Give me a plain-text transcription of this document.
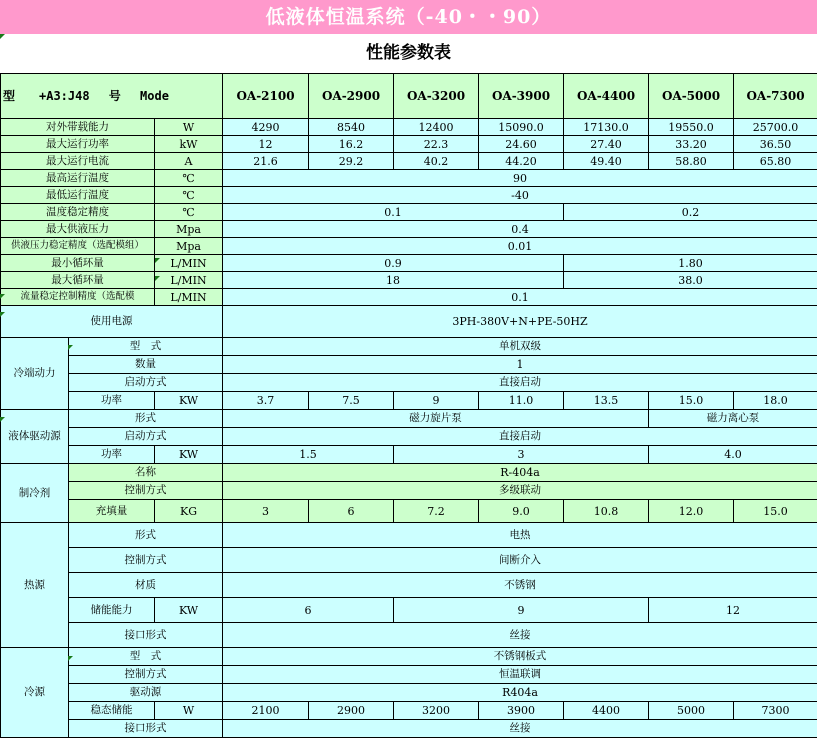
低液体恒温系统（-40・・90）
性能参数表
型　　+A3:J48　 号　 Mode			OA-2100	OA-2900	OA-3200	OA-3900	OA-4400	OA-5000	OA-7300
对外带载能力		W	4290	8540	12400	15090.0	17130.0	19550.0	25700.0
最大运行功率		kW	12	16.2	22.3	24.60	27.40	33.20	36.50
最大运行电流		A	21.6	29.2	40.2	44.20	49.40	58.80	65.80
最高运行温度		℃	90						
最低运行温度		℃	-40						
温度稳定精度		℃	0.1				0.2		
最大供液压力		Mpa	0.4						
供液压力稳定精度（选配模组）		Mpa	0.01						
最小循环量		L/MIN	0.9				1.80		
最大循环量		L/MIN	18				38.0		
流量稳定控制精度（选配模		L/MIN	0.1						
使用电源			3PH-380V+N+PE-50HZ						
冷端动力	型　式		单机双级						
	数量		1						
	启动方式		直接启动						
	功率	KW	3.7	7.5	9	11.0	13.5	15.0	18.0
液体驱动源	形式		磁力旋片泵					磁力离心泵	
	启动方式		直接启动						
	功率	KW	1.5		3			4.0	
制冷剂	名称		R-404a						
	控制方式		多级联动						
	充填量	KG	3	6	7.2	9.0	10.8	12.0	15.0
热源	形式		电热						
	控制方式		间断介入						
	材质		不锈钢						
	储能能力	KW	6		9			12	
	接口形式		丝接						
冷源	型　式		不锈钢板式						
	控制方式		恒温联调						
	驱动源		R404a						
	稳态储能	W	2100	2900	3200	3900	4400	5000	7300
	接口形式		丝接						
